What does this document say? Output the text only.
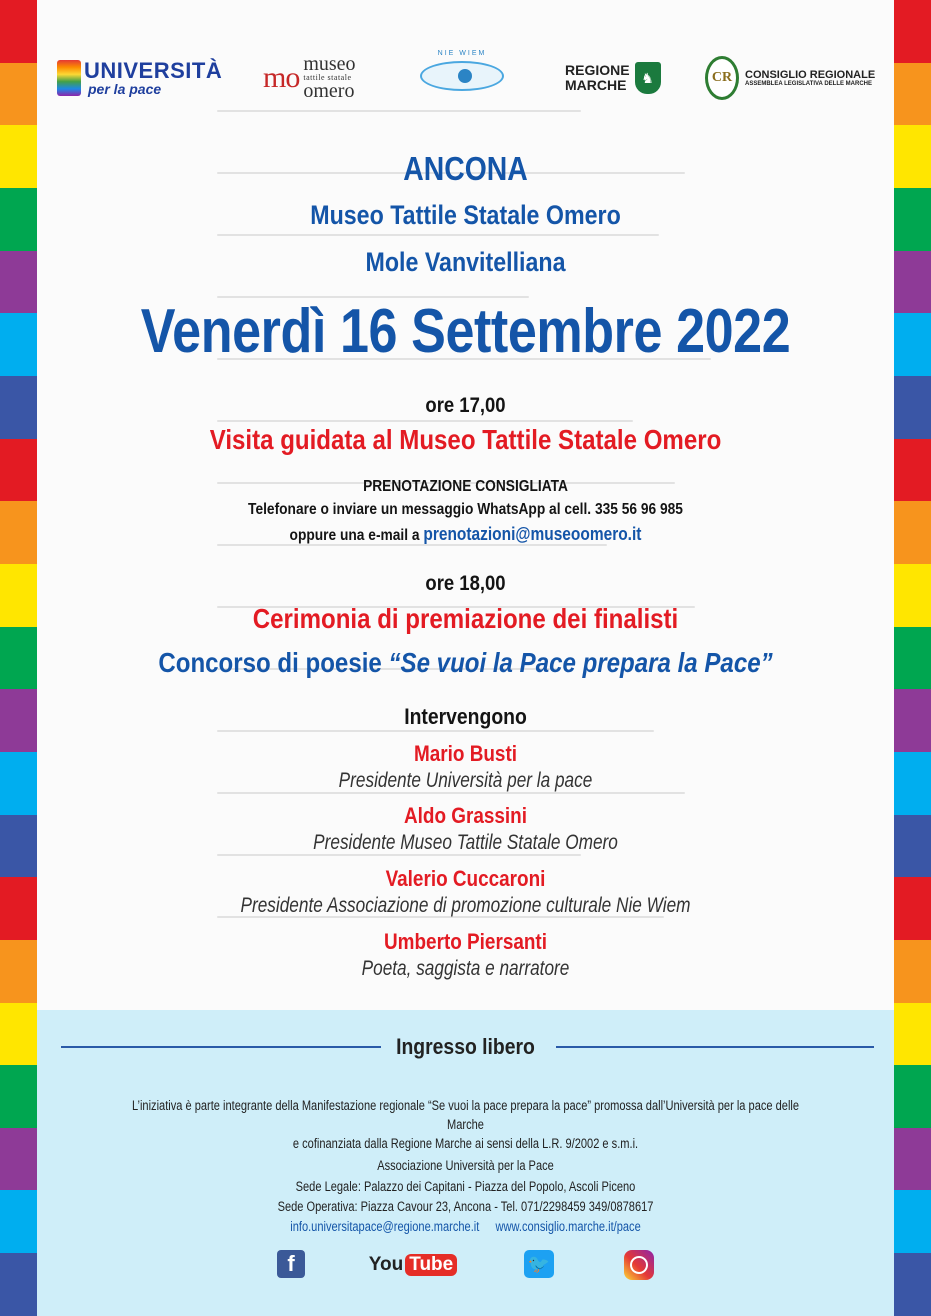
UNIVERSITÀ
per la pace	mo museo
tattile statale
omero
NIE WIEM
REGIONE
MARCHE	♞	CR	CONSIGLIO REGIONALE
ASSEMBLEA LEGISLATIVA DELLE MARCHE
ANCONA
Museo Tattile Statale Omero
Mole Vanvitelliana
Venerdì 16 Settembre 2022
ore 17,00
Visita guidata al Museo Tattile Statale Omero
PRENOTAZIONE CONSIGLIATA
Telefonare o inviare un messaggio WhatsApp al cell. 335 56 96 985
oppure una e-mail a prenotazioni@museoomero.it
ore 18,00
Cerimonia di premiazione dei finalisti
Concorso di poesie “Se vuoi la Pace prepara la Pace”
Intervengono
Mario Busti
Presidente Università per la pace
Aldo Grassini
Presidente Museo Tattile Statale Omero
Valerio Cuccaroni
Presidente Associazione di promozione culturale Nie Wiem
Umberto Piersanti
Poeta, saggista e narratore
Ingresso libero
L’iniziativa è parte integrante della Manifestazione regionale “Se vuoi la pace prepara la pace” promossa dall’Università per la pace delle Marche
e cofinanziata dalla Regione Marche ai sensi della L.R. 9/2002 e s.m.i.
Associazione Università per la Pace
Sede Legale: Palazzo dei Capitani - Piazza del Popolo, Ascoli Piceno
Sede Operativa: Piazza Cavour 23, Ancona - Tel. 071/2298459 349/0878617
info.universitapace@regione.marche.it www.consiglio.marche.it/pace
f	You Tube	🐦
